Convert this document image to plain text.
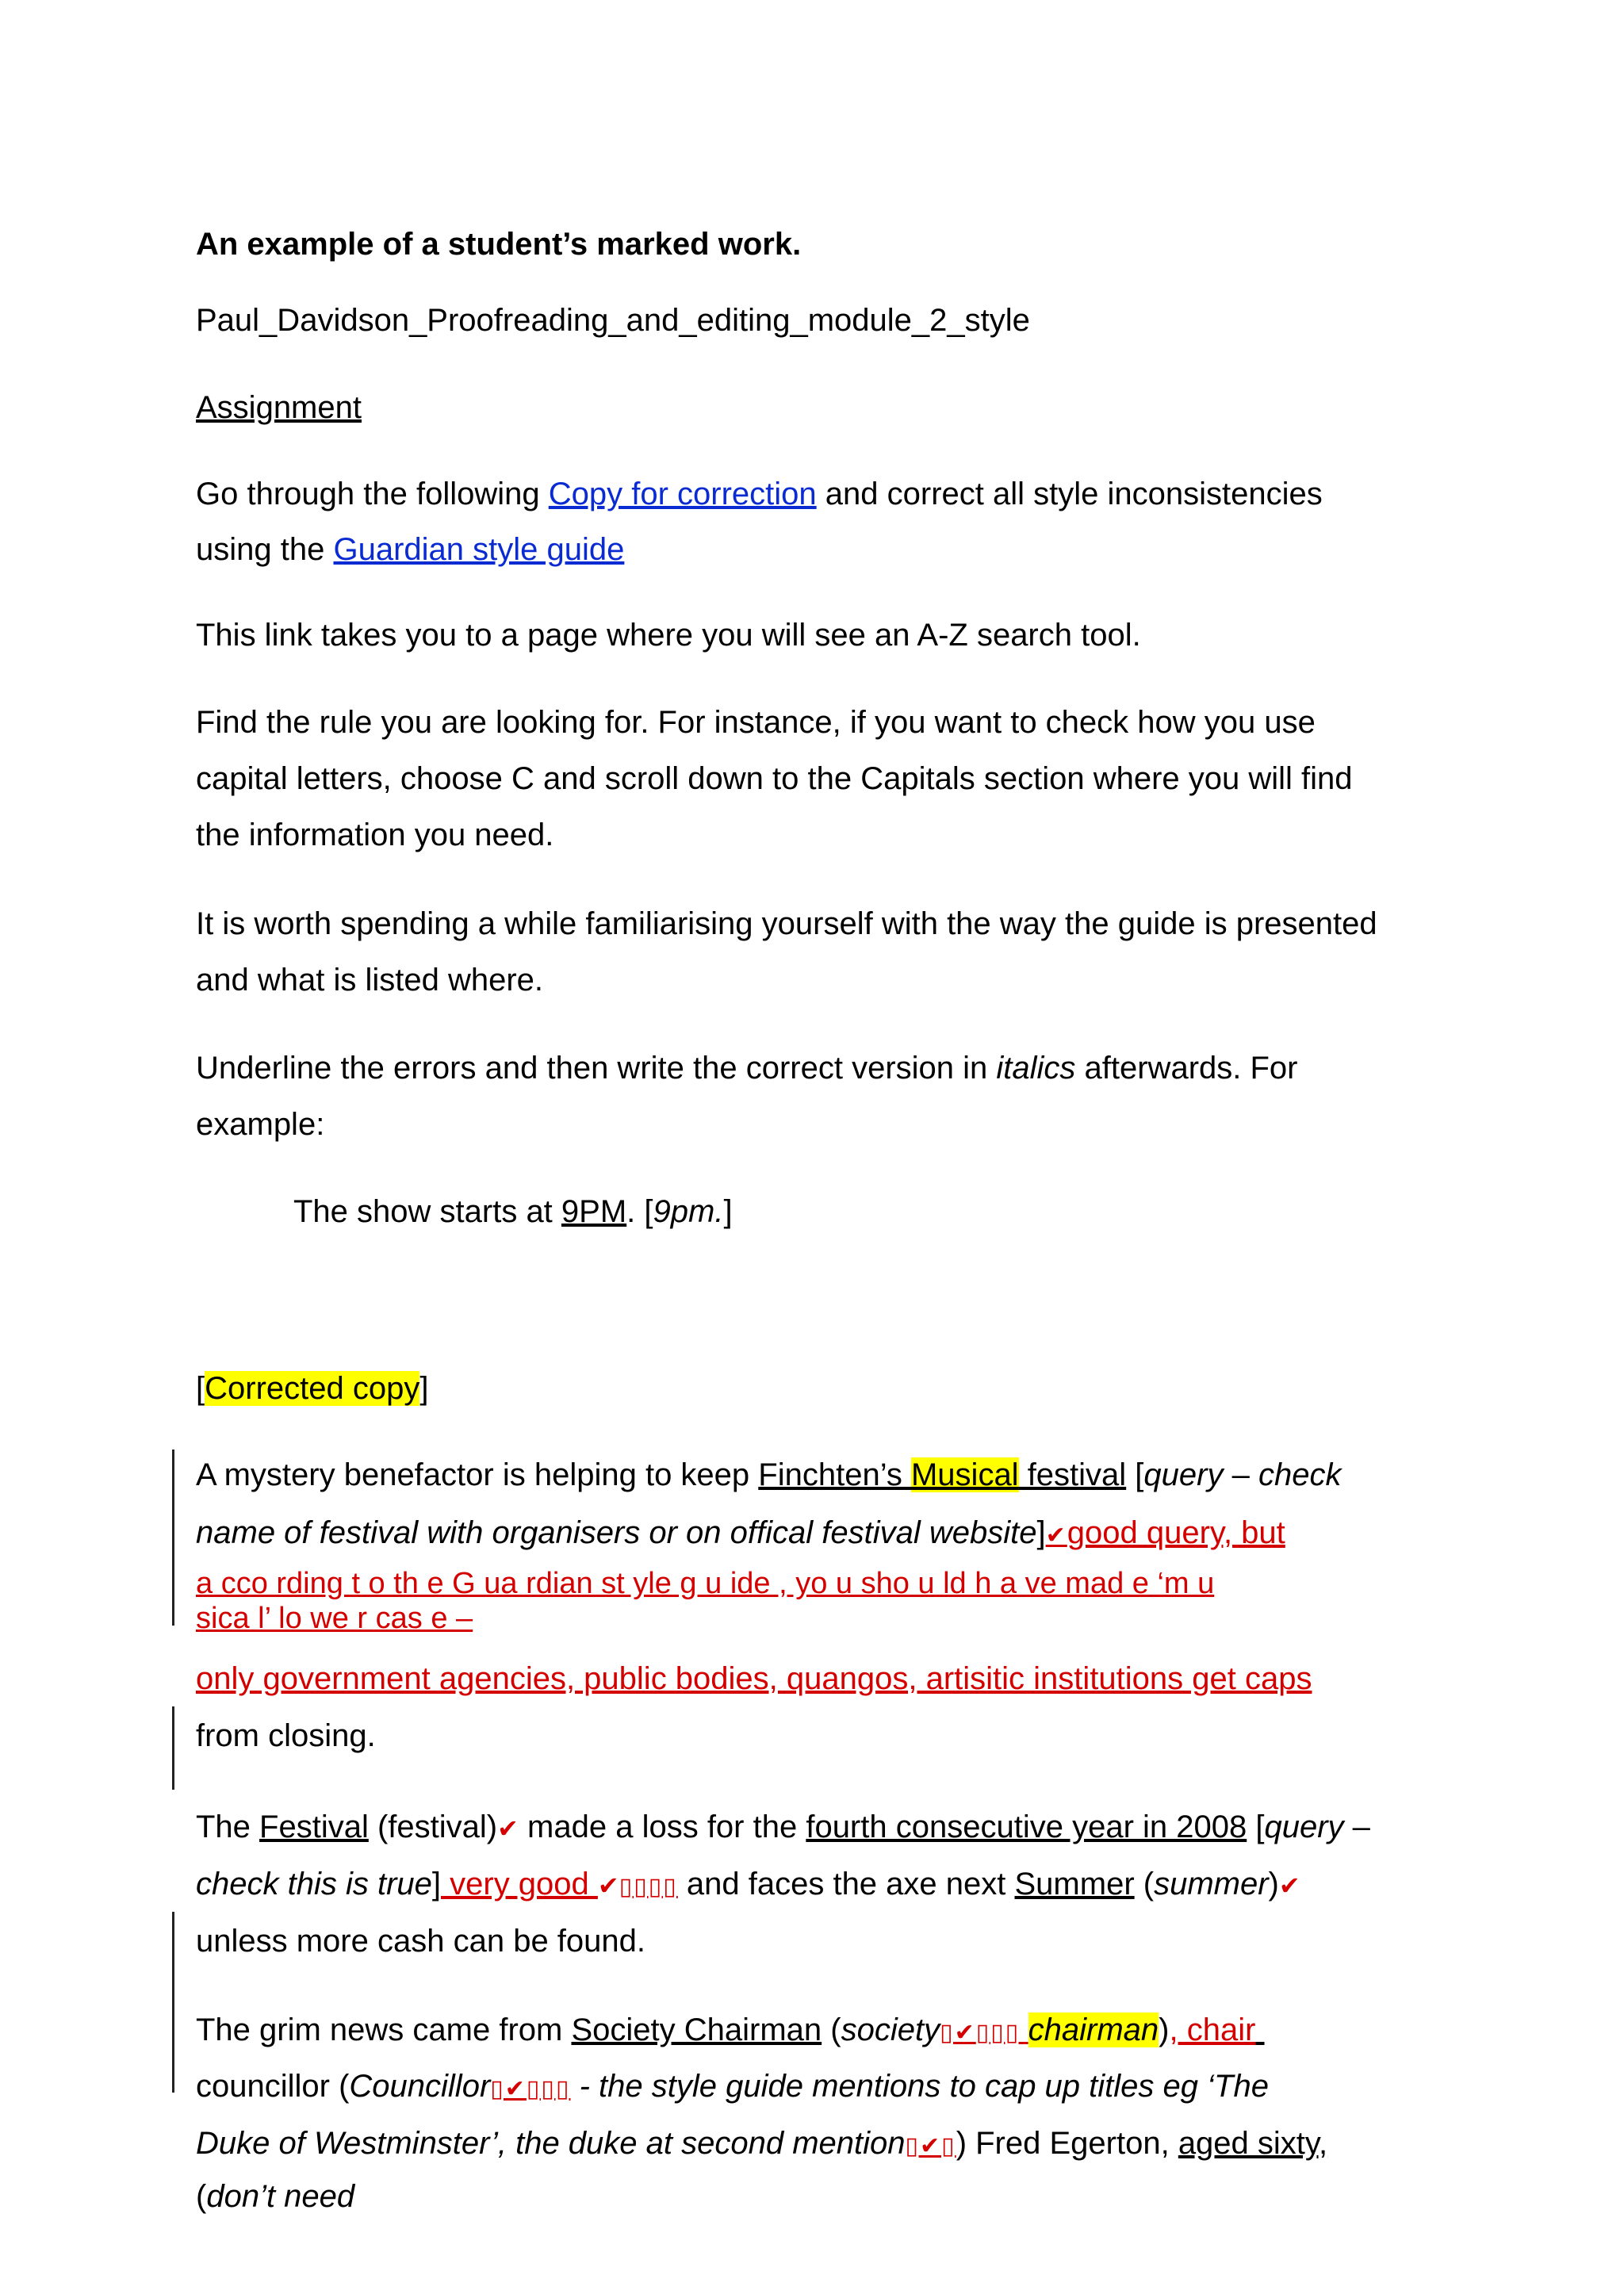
An example of a student’s marked work.

Paul_Davidson_Proofreading_and_editing_module_2_style

Assignment

Go through the following Copy for correction and correct all style inconsistencies

using the Guardian style guide

This link takes you to a page where you will see an A-Z search tool.

Find the rule you are looking for. For instance, if you want to check how you use

capital letters, choose C and scroll down to the Capitals section where you will find

the information you need.

It is worth spending a while familiarising yourself with the way the guide is presented

and what is listed where.

Underline the errors and then write the correct version in italics afterwards. For

example:

The show starts at 9PM. [9pm.]

[Corrected copy]

A mystery benefactor is helping to keep Finchten’s Musical festival [query – check

name of festival with organisers or on offical festival website]✔good query, but

a cco rding t o th e G ua rdian st yle g u ide , yo u sho u ld h a ve mad e ‘m u

sica l’ lo we r cas e –

only government agencies, public bodies, quangos, artisitic institutions get caps

from closing.

The Festival (festival)✔ made a loss for the fourth consecutive year in 2008 [query –

check this is true] very good ✔▯▯▯▯ and faces the axe next Summer (summer)✔

unless more cash can be found.

The grim news came from Society Chairman (society▯✔▯▯▯ chairman), chair

councillor (Councillor▯✔▯▯▯ - the style guide mentions to cap up titles eg ‘The

Duke of Westminster’, the duke at second mention▯✔▯) Fred Egerton, aged sixty,

(don’t need
